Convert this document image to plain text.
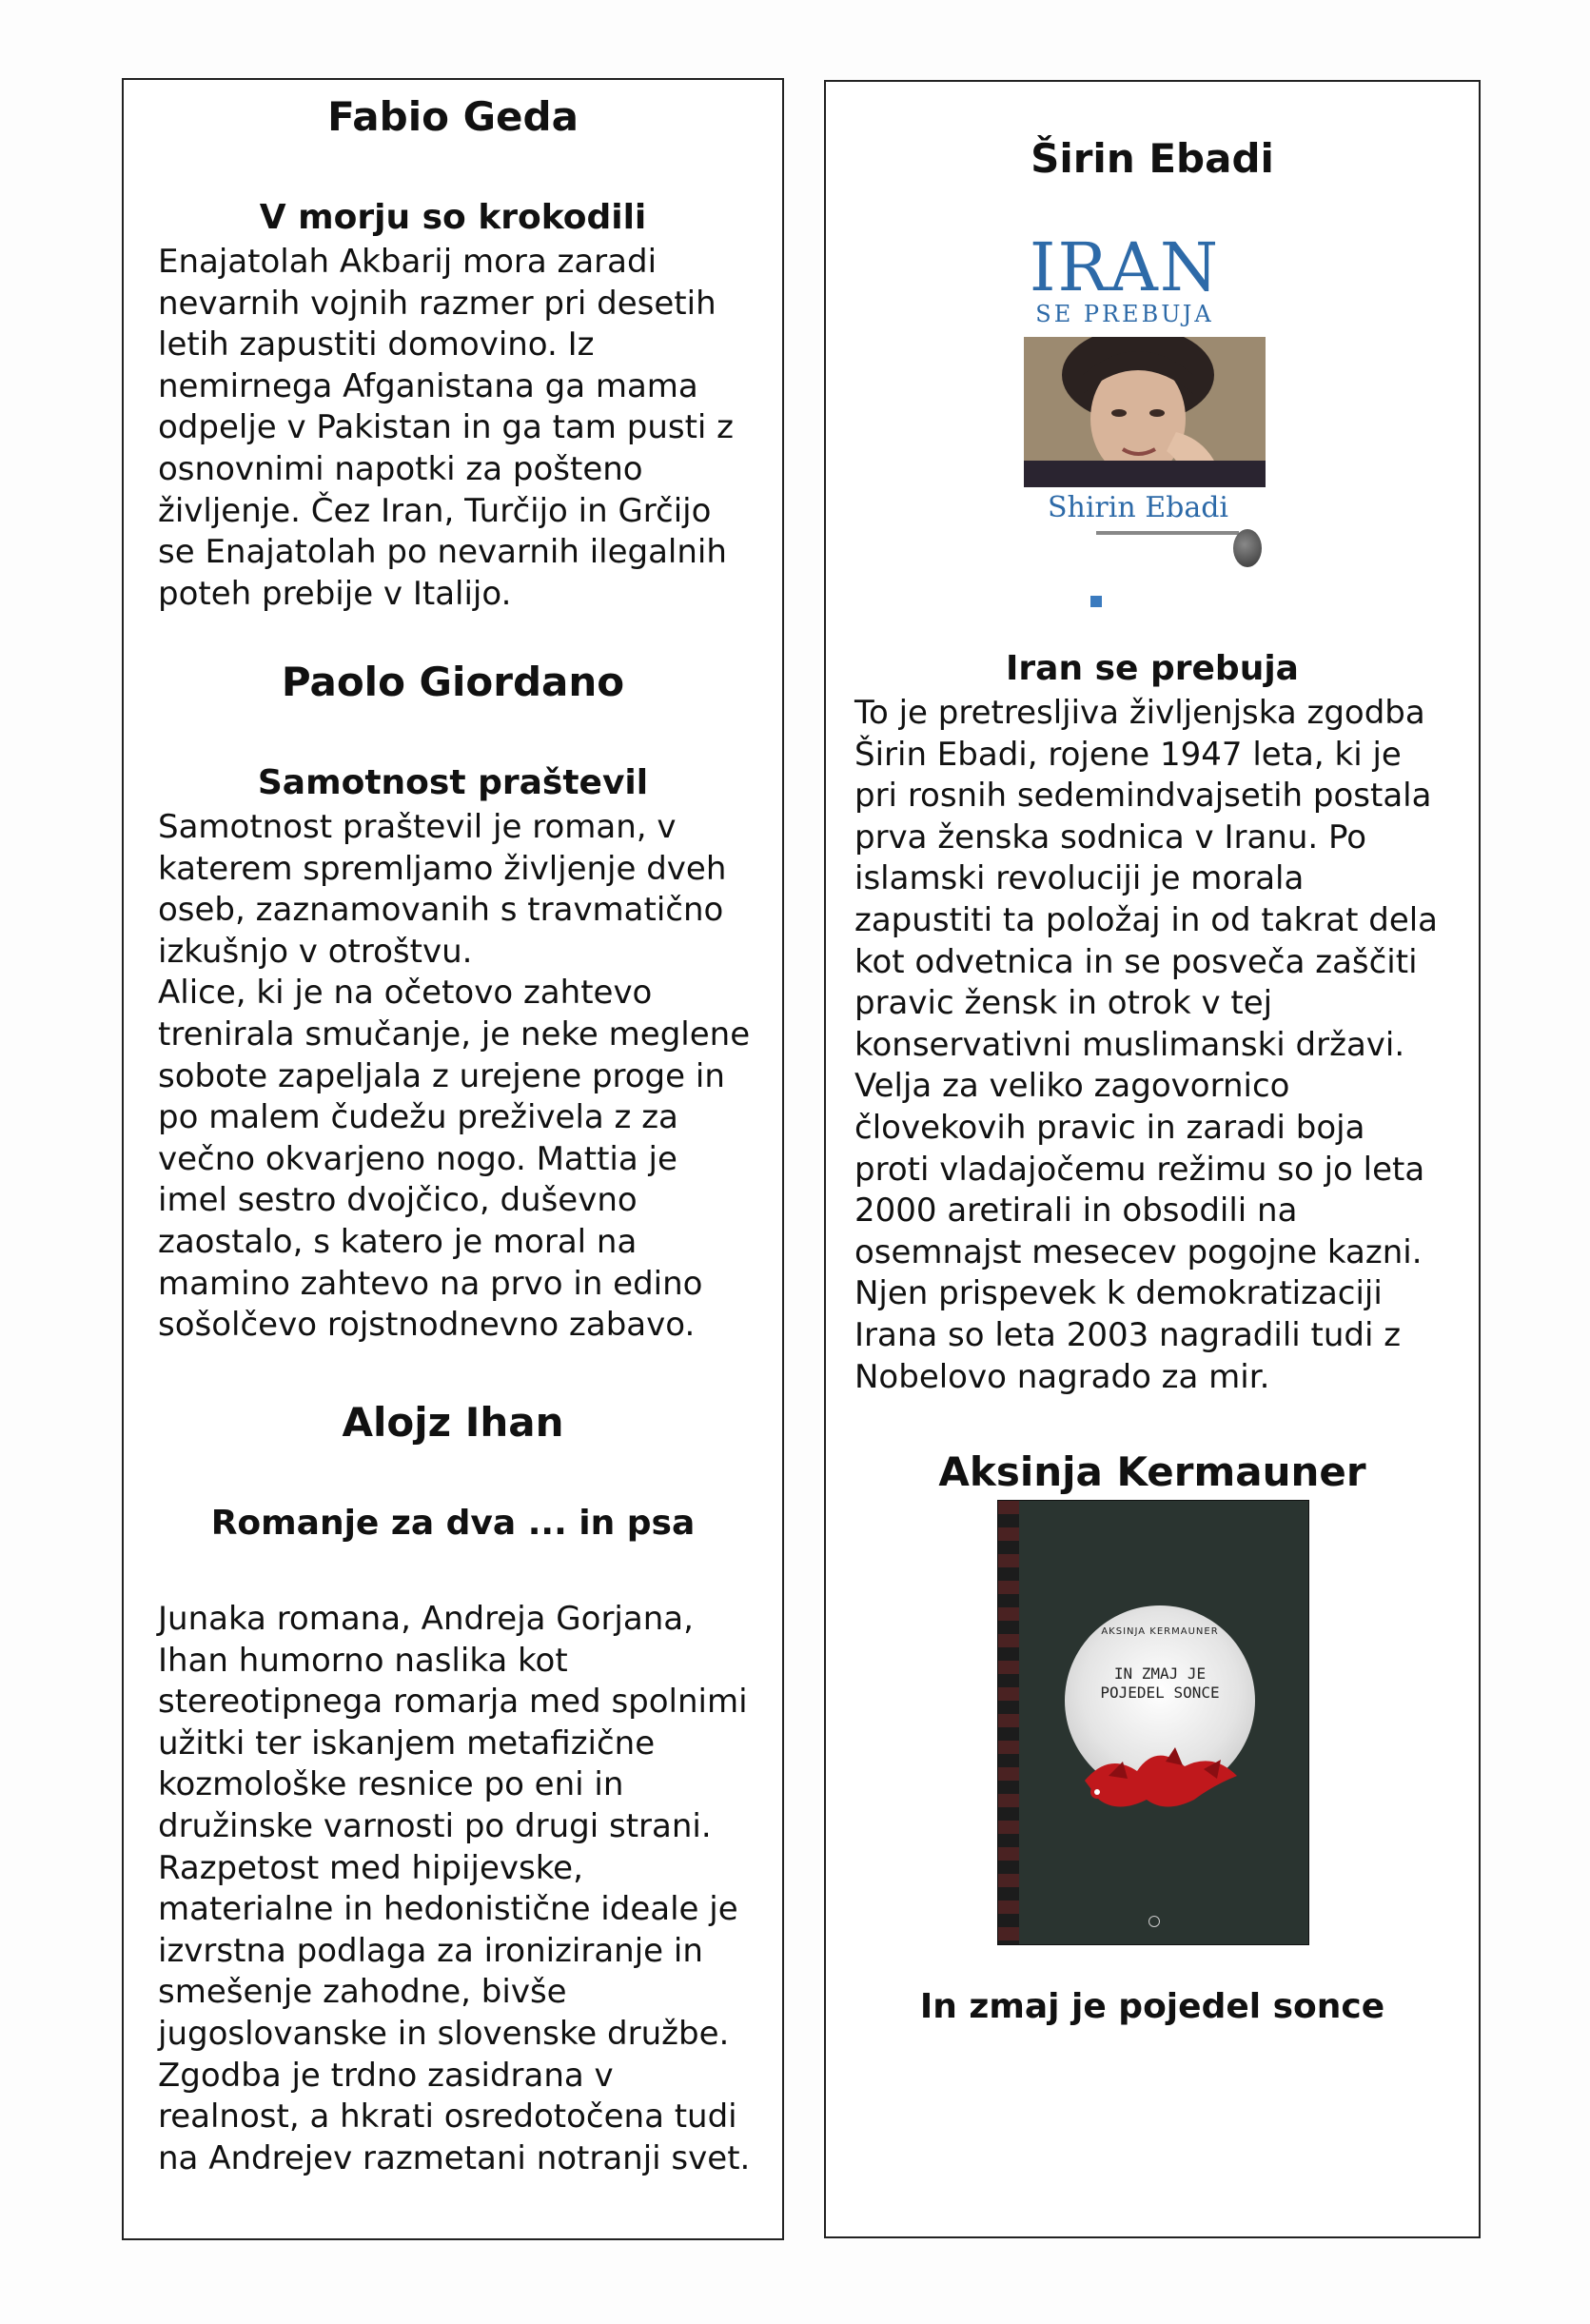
Fabio Geda
V morju so krokodili

Enajatolah Akbarij mora zaradi
nevarnih vojnih razmer pri desetih
letih zapustiti domovino. Iz
nemirnega Afganistana ga mama
odpelje v Pakistan in ga tam pusti z
osnovnimi napotki za pošteno
življenje. Čez Iran, Turčijo in Grčijo
se Enajatolah po nevarnih ilegalnih
poteh prebije v Italijo.

Paolo Giordano
Samotnost praštevil

Samotnost praštevil je roman, v
katerem spremljamo življenje dveh
oseb, zaznamovanih s travmatično
izkušnjo v otroštvu.
Alice, ki je na očetovo zahtevo
trenirala smučanje, je neke meglene
sobote zapeljala z urejene proge in
po malem čudežu preživela z za
večno okvarjeno nogo. Mattia je
imel sestro dvojčico, duševno
zaostalo, s katero je moral na
mamino zahtevo na prvo in edino
sošolčevo rojstnodnevno zabavo.

Alojz Ihan
Romanje za dva ... in psa

Junaka romana, Andreja Gorjana,
Ihan humorno naslika kot
stereotipnega romarja med spolnimi
užitki ter iskanjem metafizične
kozmološke resnice po eni in
družinske varnosti po drugi strani.
Razpetost med hipijevske,
materialne in hedonistične ideale je
izvrstna podlaga za ironiziranje in
smešenje zahodne, bivše
jugoslovanske in slovenske družbe.
Zgodba je trdno zasidrana v
realnost, a hkrati osredotočena tudi
na Andrejev razmetani notranji svet.

Širin Ebadi
IRAN
SE PREBUJA
Shirin Ebadi
Iran se prebuja

To je pretresljiva življenjska zgodba
Širin Ebadi, rojene 1947 leta, ki je
pri rosnih sedemindvajsetih postala
prva ženska sodnica v Iranu. Po
islamski revoluciji je morala
zapustiti ta položaj in od takrat dela
kot odvetnica in se posveča zaščiti
pravic žensk in otrok v tej
konservativni muslimanski državi.
Velja za veliko zagovornico
človekovih pravic in zaradi boja
proti vladajočemu režimu so jo leta
2000 aretirali in obsodili na
osemnajst mesecev pogojne kazni.
Njen prispevek k demokratizaciji
Irana so leta 2003 nagradili tudi z
Nobelovo nagrado za mir.

Aksinja Kermauner
AKSINJA KERMAUNER
IN ZMAJ JE
POJEDEL SONCE
In zmaj je pojedel sonce
